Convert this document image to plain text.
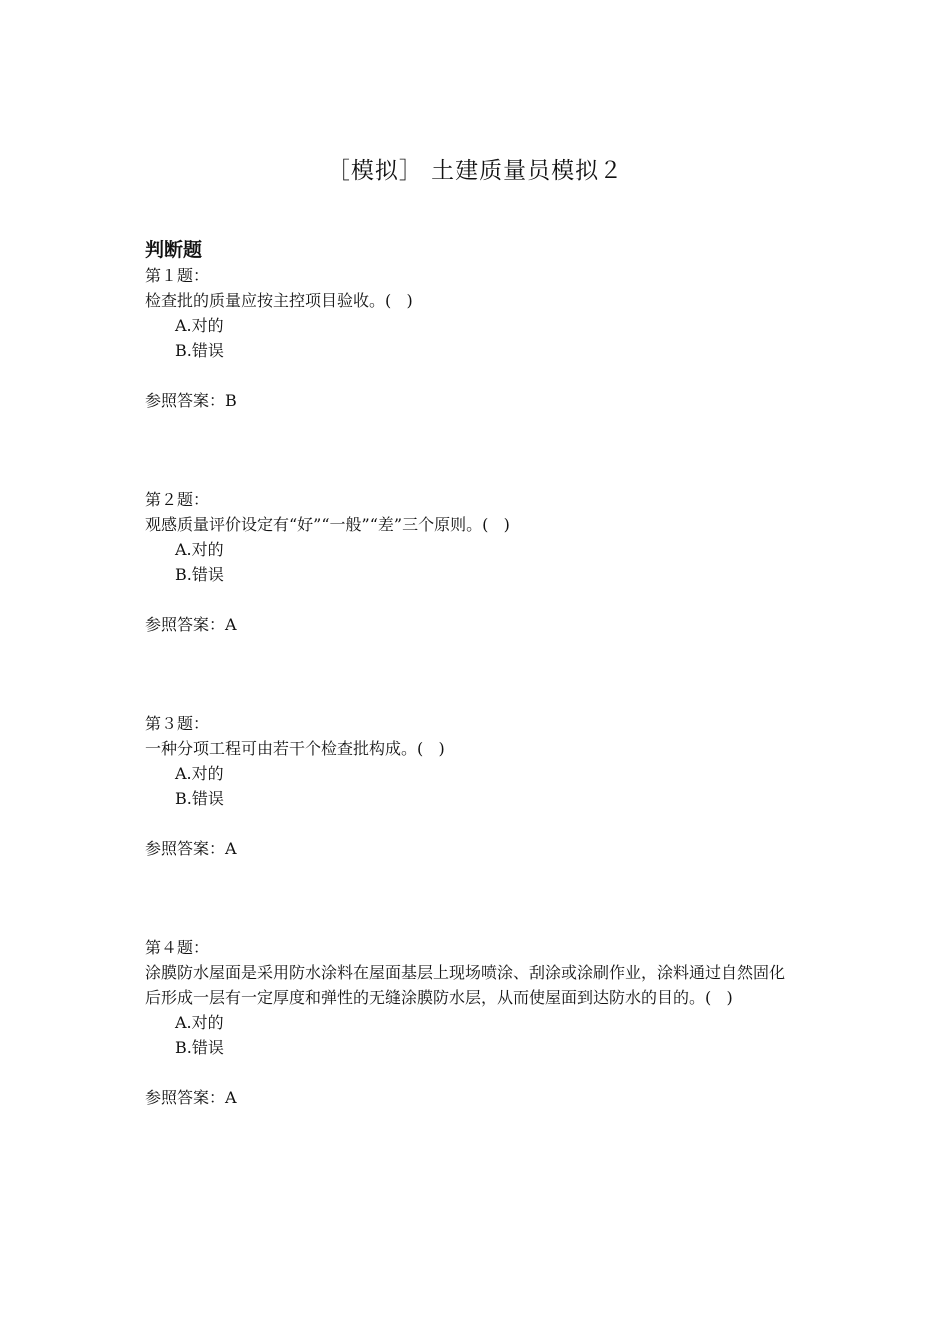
［模拟］ 土建质量员模拟２
判断题
第１题：
检查批的质量应按主控项目验收。(   )
A.对的
B.错误
参照答案：B
第２题：
观感质量评价设定有“好”“一般”“差”三个原则。(   )
A.对的
B.错误
参照答案：A
第３题：
一种分项工程可由若干个检查批构成。(   )
A.对的
B.错误
参照答案：A
第４题：
涂膜防水屋面是采用防水涂料在屋面基层上现场喷涂、刮涂或涂刷作业，涂料通过自然固化后形成一层有一定厚度和弹性的无缝涂膜防水层，从而使屋面到达防水的目的。(   )
A.对的
B.错误
参照答案：A
